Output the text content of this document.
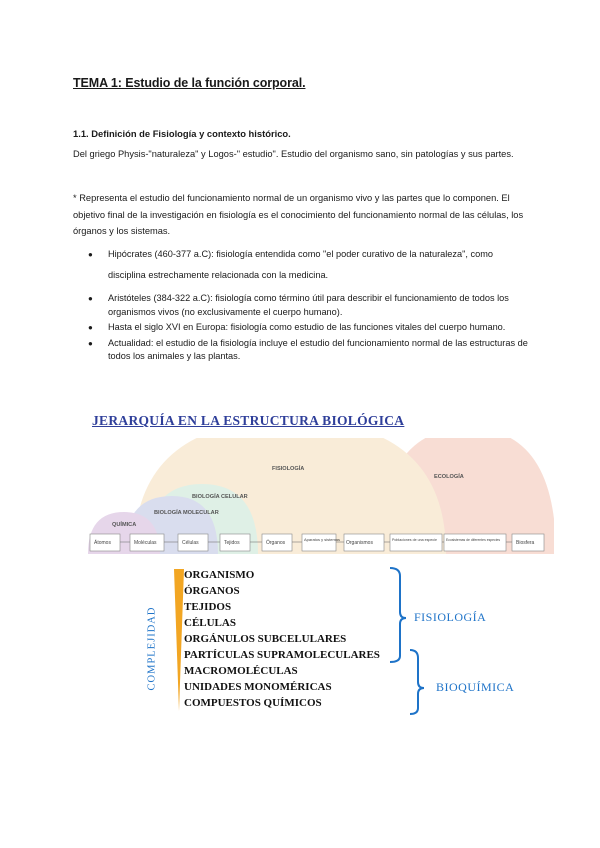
TEMA 1: Estudio de la función corporal.
1.1. Definición de Fisiología y contexto histórico.

Del griego Physis-"naturaleza" y Logos-" estudio". Estudio del organismo sano, sin patologías y sus partes.

* Representa el estudio del funcionamiento normal de un organismo vivo y las partes que lo componen. El objetivo final de la investigación en fisiología es el conocimiento del funcionamiento normal de las células, los órganos y los sistemas.

● Hipócrates (460-377 a.C): fisiología entendida como "el poder curativo de la naturaleza", como disciplina estrechamente relacionada con la medicina.
● Aristóteles (384-322 a.C): fisiología como término útil para describir el funcionamiento de todos los organismos vivos (no exclusivamente el cuerpo humano).
● Hasta el siglo XVI en Europa: fisiología como estudio de las funciones vitales del cuerpo humano.
● Actualidad: el estudio de la fisiología incluye el estudio del funcionamiento normal de las estructuras de todos los animales y las plantas.
JERARQUÍA EN LA ESTRUCTURA BIOLÓGICA
FISIOLOGÍA
ECOLOGÍA
BIOLOGÍA CELULAR
BIOLOGÍA MOLECULAR
QUÍMICA
Átomos	Moléculas	Células	Tejidos	Órganos
Aparatos y sistemas
Organismos	Poblaciones de una especie	Ecosistemas de diferentes especies	Biosfera

COMPLEJIDAD

ORGANISMO

ÓRGANOS

TEJIDOS

CÉLULAS

ORGÁNULOS SUBCELULARES

PARTÍCULAS SUPRAMOLECULARES

MACROMOLÉCULAS

UNIDADES MONOMÉRICAS

COMPUESTOS QUÍMICOS

FISIOLOGÍA

BIOQUÍMICA
